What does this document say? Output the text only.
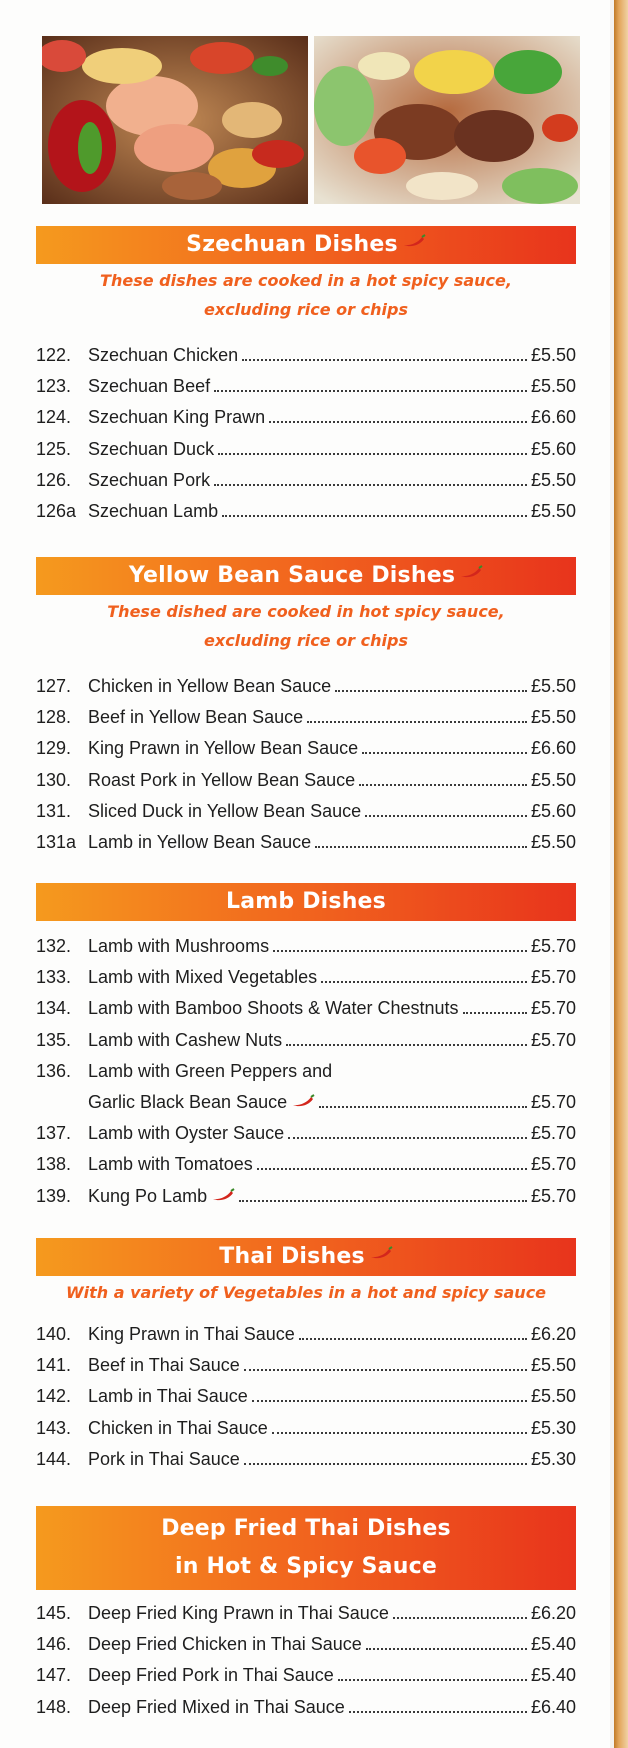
Szechuan Dishes
These dishes are cooked in a hot spicy sauce,
excluding rice or chips
122. Szechuan Chicken	£5.50
123. Szechuan Beef	£5.50
124. Szechuan King Prawn	£6.60
125. Szechuan Duck	£5.60
126. Szechuan Pork	£5.50
126a Szechuan Lamb	£5.50
Yellow Bean Sauce Dishes
These dished are cooked in hot spicy sauce,
excluding rice or chips
127. Chicken in Yellow Bean Sauce	£5.50
128. Beef in Yellow Bean Sauce	£5.50
129. King Prawn in Yellow Bean Sauce	£6.60
130. Roast Pork in Yellow Bean Sauce	£5.50
131. Sliced Duck in Yellow Bean Sauce	£5.60
131a Lamb in Yellow Bean Sauce	£5.50
Lamb Dishes
132. Lamb with Mushrooms	£5.70
133. Lamb with Mixed Vegetables	£5.70
134. Lamb with Bamboo Shoots & Water Chestnuts	£5.70
135. Lamb with Cashew Nuts	£5.70
136. Lamb with Green Peppers and
Garlic Black Bean Sauce	£5.70
137. Lamb with Oyster Sauce	£5.70
138. Lamb with Tomatoes	£5.70
139. Kung Po Lamb	£5.70
Thai Dishes
With a variety of Vegetables in a hot and spicy sauce
140. King Prawn in Thai Sauce	£6.20
141. Beef in Thai Sauce	£5.50
142. Lamb in Thai Sauce	£5.50
143. Chicken in Thai Sauce	£5.30
144. Pork in Thai Sauce	£5.30
Deep Fried Thai Dishes
in Hot & Spicy Sauce
145. Deep Fried King Prawn in Thai Sauce	£6.20
146. Deep Fried Chicken in Thai Sauce	£5.40
147. Deep Fried Pork in Thai Sauce	£5.40
148. Deep Fried Mixed in Thai Sauce	£6.40
